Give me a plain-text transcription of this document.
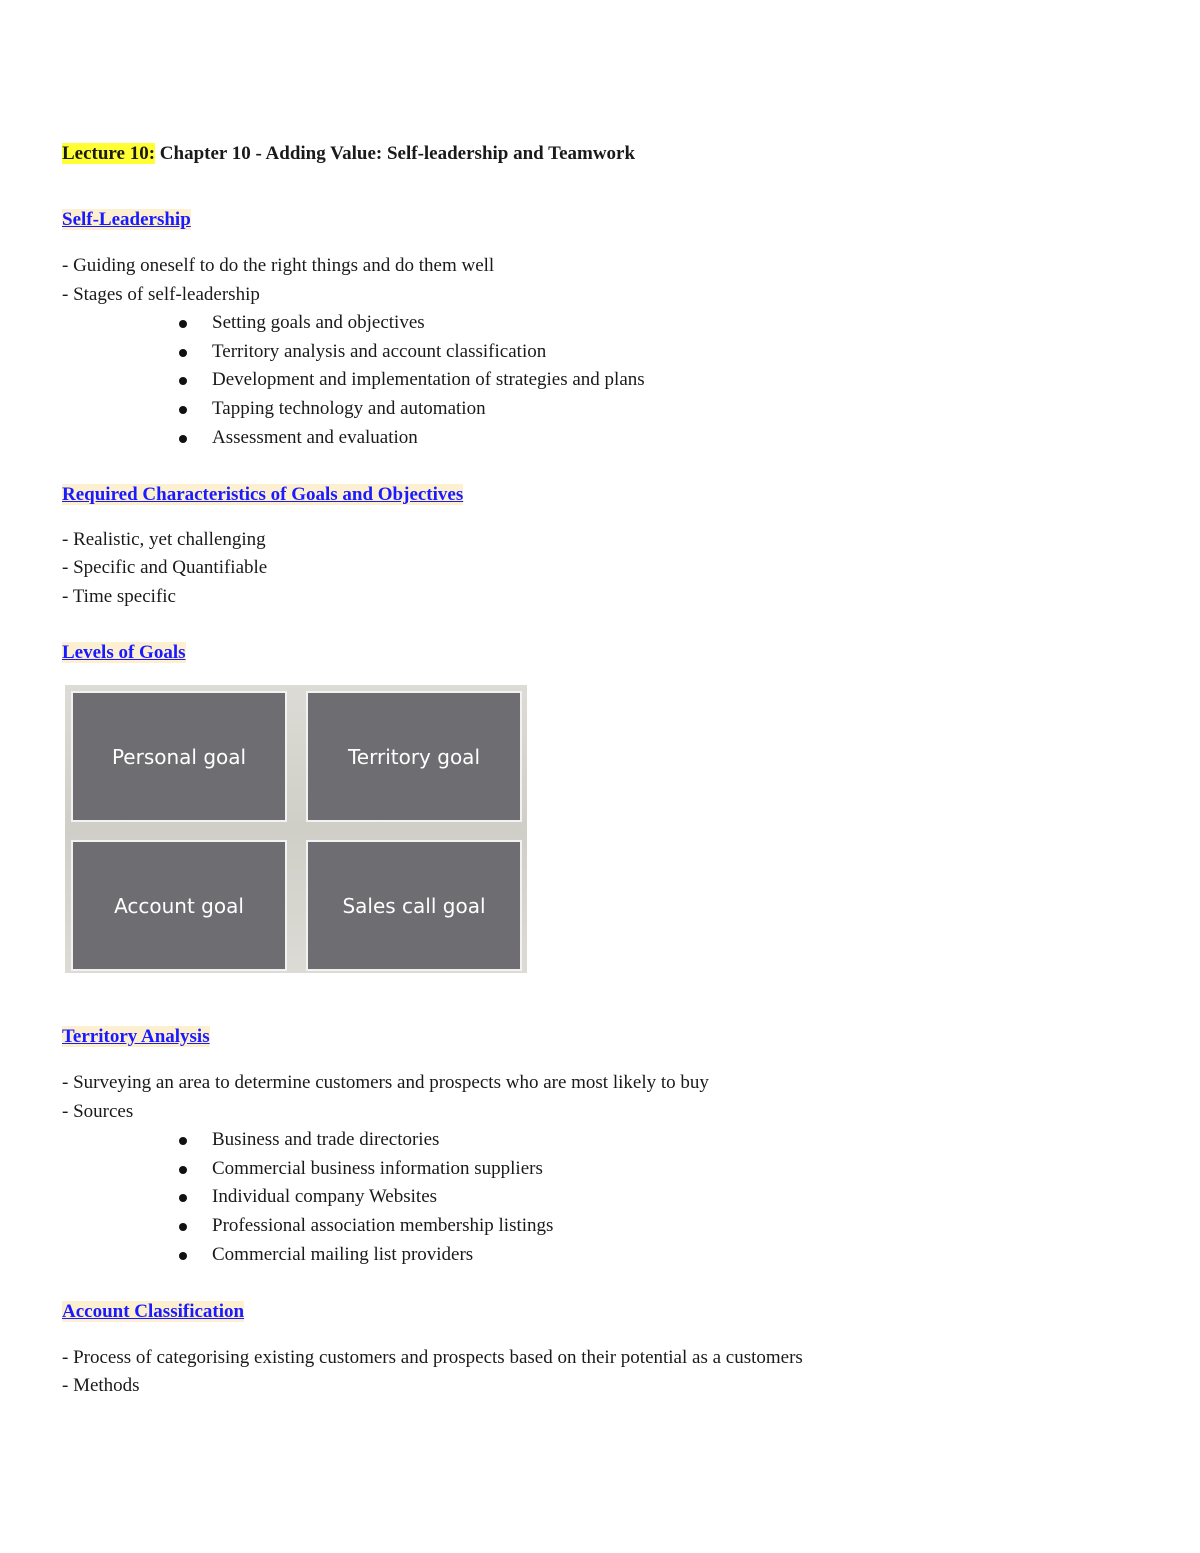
Lecture 10: Chapter 10 - Adding Value: Self-leadership and Teamwork

Self-Leadership

- Guiding oneself to do the right things and do them well

- Stages of self-leadership

Setting goals and objectives
Territory analysis and account classification
Development and implementation of strategies and plans
Tapping technology and automation
Assessment and evaluation

Required Characteristics of Goals and Objectives

- Realistic, yet challenging

- Specific and Quantifiable

- Time specific

Levels of Goals

Personal goal	Territory goal
Account goal	Sales call goal

Territory Analysis

- Surveying an area to determine customers and prospects who are most likely to buy

- Sources

Business and trade directories
Commercial business information suppliers
Individual company Websites
Professional association membership listings
Commercial mailing list providers

Account Classification

- Process of categorising existing customers and prospects based on their potential as a customers

- Methods
